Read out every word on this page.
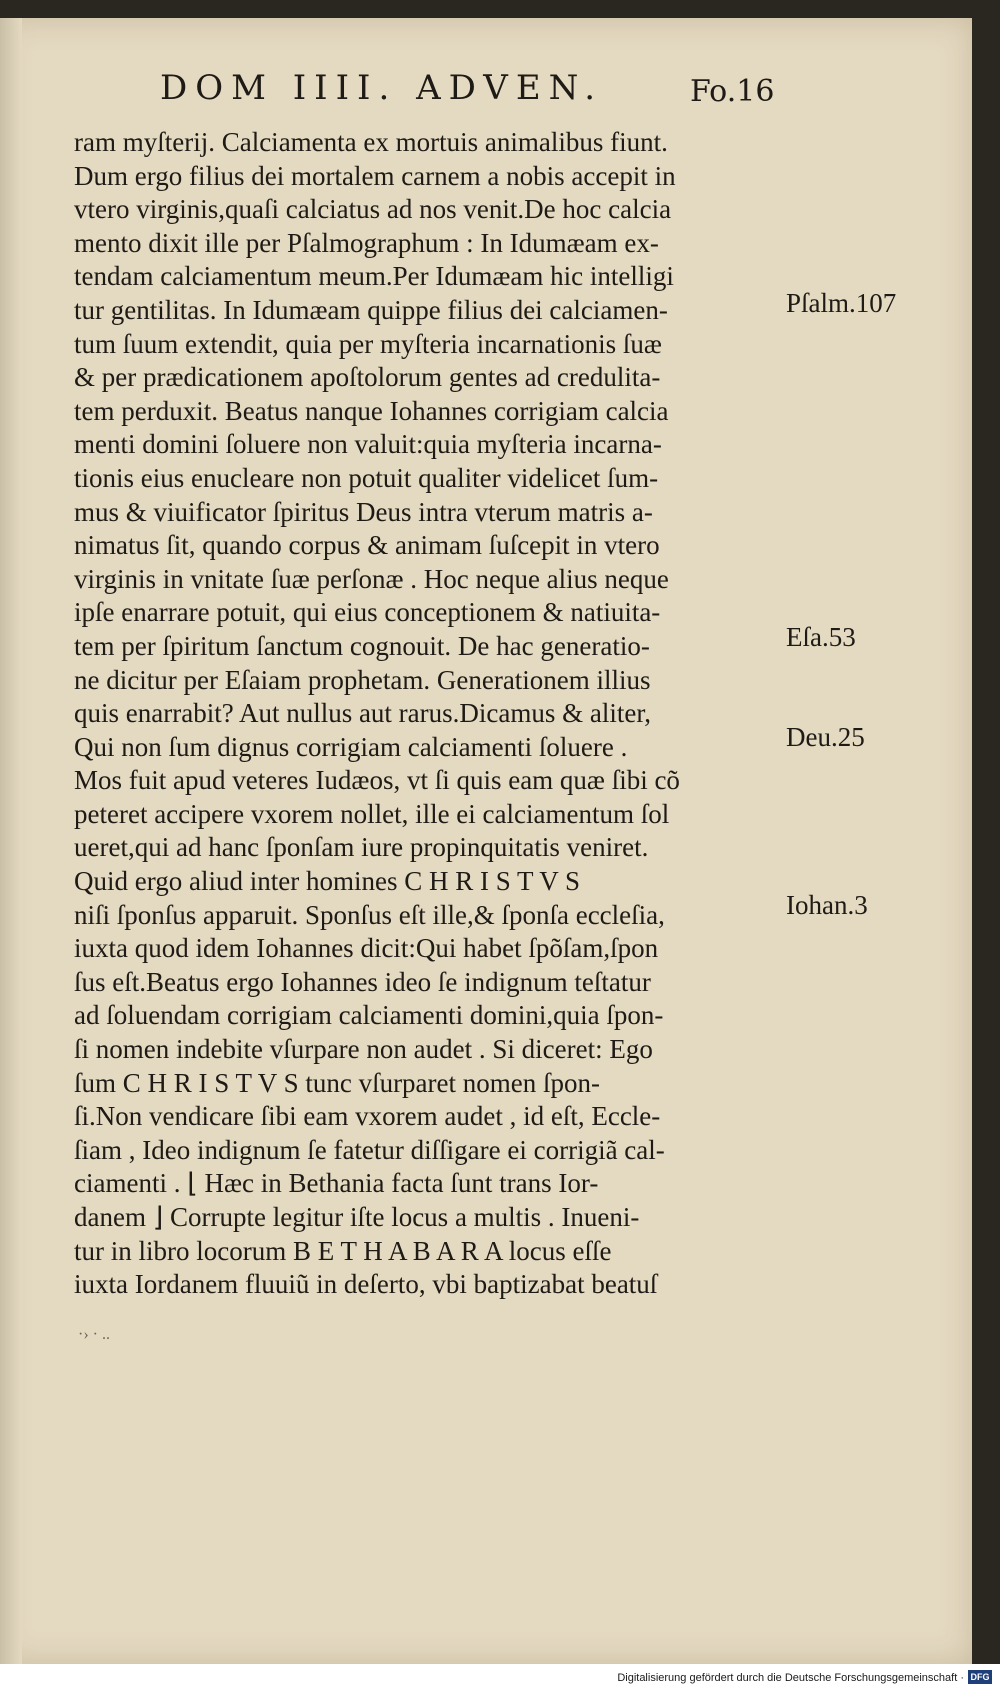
DOM IIII. ADVEN.	Fo.16
ram myſterij. Calciamenta ex mortuis animalibus fiunt.
Dum ergo filius dei mortalem carnem a nobis accepit in
vtero virginis,quaſi calciatus ad nos venit.De hoc calcia
mento dixit ille per Pſalmographum : In Idumæam ex-
tendam calciamentum meum.Per Idumæam hic intelligi
tur gentilitas. In Idumæam quippe filius dei calciamen-
tum ſuum extendit, quia per myſteria incarnationis ſuæ
& per prædicationem apoſtolorum gentes ad credulita-
tem perduxit. Beatus nanque Iohannes corrigiam calcia
menti domini ſoluere non valuit:quia myſteria incarna-
tionis eius enucleare non potuit qualiter videlicet ſum-
mus & viuificator ſpiritus Deus intra vterum matris a-
nimatus ſit, quando corpus & animam ſuſcepit in vtero
virginis in vnitate ſuæ perſonæ . Hoc neque alius neque
ipſe enarrare potuit, qui eius conceptionem & natiuita-
tem per ſpiritum ſanctum cognouit. De hac generatio-
ne dicitur per Eſaiam prophetam. Generationem illius
quis enarrabit? Aut nullus aut rarus.Dicamus & aliter,
Qui non ſum dignus corrigiam calciamenti ſoluere .
Mos fuit apud veteres Iudæos, vt ſi quis eam quæ ſibi cõ
peteret accipere vxorem nollet, ille ei calciamentum ſol
ueret,qui ad hanc ſponſam iure propinquitatis veniret.
Quid ergo aliud inter homines C H R I S T V S
niſi ſponſus apparuit. Sponſus eſt ille,& ſponſa eccleſia,
iuxta quod idem Iohannes dicit:Qui habet ſpõſam,ſpon
ſus eſt.Beatus ergo Iohannes ideo ſe indignum teſtatur
ad ſoluendam corrigiam calciamenti domini,quia ſpon-
ſi nomen indebite vſurpare non audet . Si diceret: Ego
ſum C H R I S T V S tunc vſurparet nomen ſpon-
ſi.Non vendicare ſibi eam vxorem audet , id eſt, Eccle-
ſiam , Ideo indignum ſe fatetur diſſigare ei corrigiã cal-
ciamenti . ⌊ Hæc in Bethania facta ſunt trans Ior-
danem ⌋ Corrupte legitur iſte locus a multis . Inueni-
tur in libro locorum B E T H A B A R A locus eſſe
iuxta Iordanem fluuiũ in deſerto, vbi baptizabat beatuſ
Pſalm.107
Eſa.53
Deu.25
Iohan.3
·› · ..
Digitalisierung gefördert durch die Deutsche Forschungsgemeinschaft · DFG
